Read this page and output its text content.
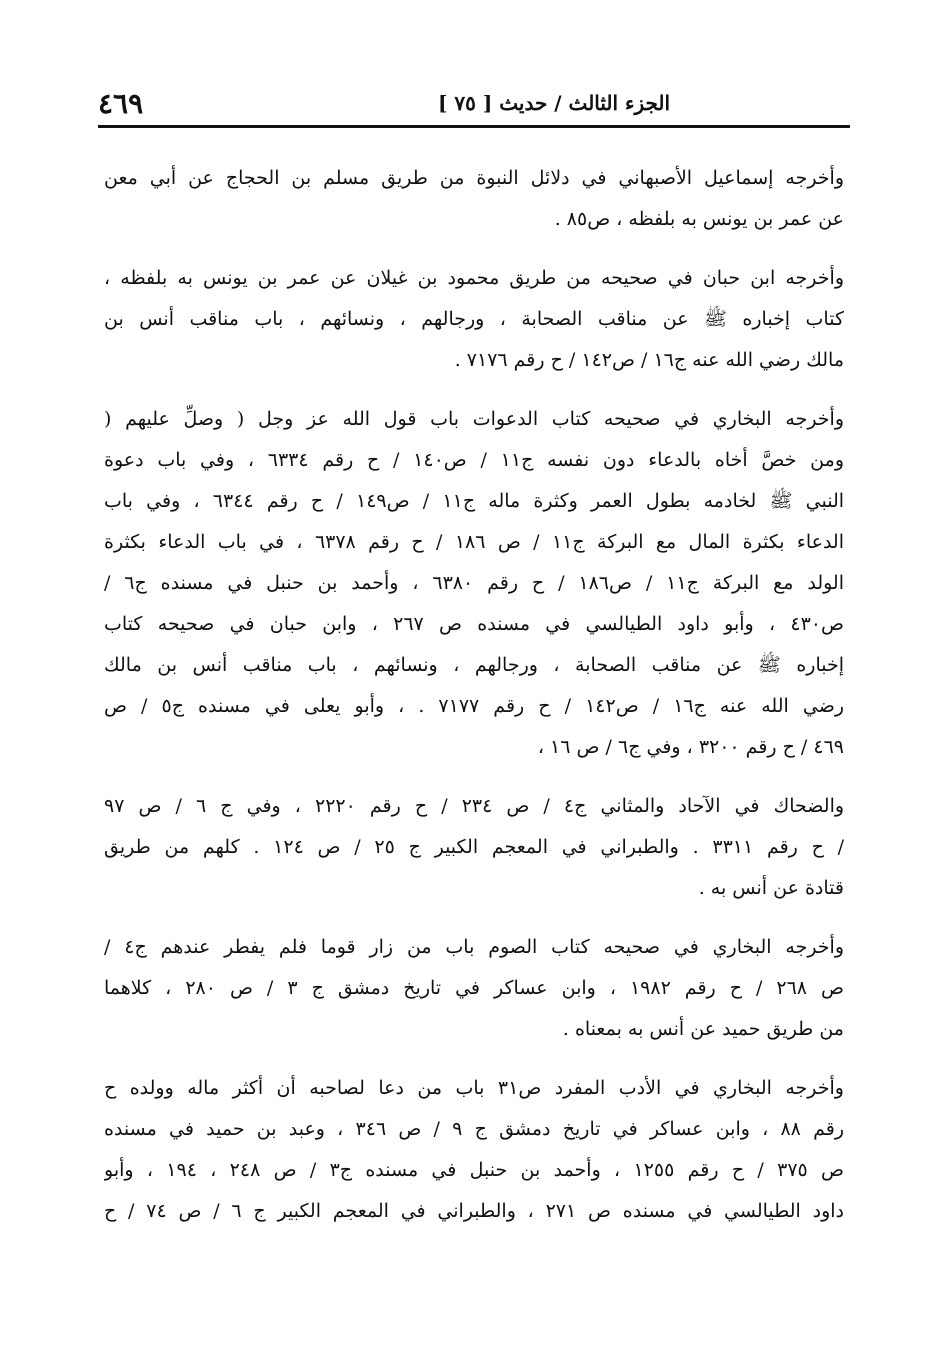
الجزء الثالث / حديث [ ٧٥ ]
٤٦٩
وأخرجه إسماعيل الأصبهاني في دلائل النبوة من طريق مسلم بن الحجاج عن أبي معن
عن عمر بن يونس به بلفظه ، ص٨٥ .
وأخرجه ابن حبان في صحيحه من طريق محمود بن غيلان عن عمر بن يونس به بلفظه ،
كتاب إخباره ﷺ عن مناقب الصحابة ، ورجالهم ، ونسائهم ، باب مناقب أنس بن
مالك رضي الله عنه ج١٦ / ص١٤٢ / ح رقم ٧١٧٦ .
وأخرجه البخاري في صحيحه كتاب الدعوات باب قول الله عز وجل ( وصلِّ عليهم (
ومن خصَّ أخاه بالدعاء دون نفسه ج١١ / ص١٤٠ / ح رقم ٦٣٣٤ ، وفي باب دعوة
النبي ﷺ لخادمه بطول العمر وكثرة ماله ج١١ / ص١٤٩ / ح رقم ٦٣٤٤ ، وفي باب
الدعاء بكثرة المال مع البركة ج١١ / ص ١٨٦ / ح رقم ٦٣٧٨ ، في باب الدعاء بكثرة
الولد مع البركة ج١١ / ص١٨٦ / ح رقم ٦٣٨٠ ، وأحمد بن حنبل في مسنده ج٦ /
ص٤٣٠ ، وأبو داود الطيالسي في مسنده ص ٢٦٧ ، وابن حبان في صحيحه كتاب
إخباره ﷺ عن مناقب الصحابة ، ورجالهم ، ونسائهم ، باب مناقب أنس بن مالك
رضي الله عنه ج١٦ / ص١٤٢ / ح رقم ٧١٧٧ . ، وأبو يعلى في مسنده ج٥ / ص
٤٦٩ / ح رقم ٣٢٠٠ ، وفي ج٦ / ص ١٦ ،
والضحاك في الآحاد والمثاني ج٤ / ص ٢٣٤ / ح رقم ٢٢٢٠ ، وفي ج ٦ / ص ٩٧
/ ح رقم ٣٣١١ . والطبراني في المعجم الكبير ج ٢٥ / ص ١٢٤ . كلهم من طريق
قتادة عن أنس به .
وأخرجه البخاري في صحيحه كتاب الصوم باب من زار قوما فلم يفطر عندهم ج٤ /
ص ٢٦٨ / ح رقم ١٩٨٢ ، وابن عساكر في تاريخ دمشق ج ٣ / ص ٢٨٠ ، كلاهما
من طريق حميد عن أنس به بمعناه .
وأخرجه البخاري في الأدب المفرد ص٣١ باب من دعا لصاحبه أن أكثر ماله وولده ح
رقم ٨٨ ، وابن عساكر في تاريخ دمشق ج ٩ / ص ٣٤٦ ، وعبد بن حميد في مسنده
ص ٣٧٥ / ح رقم ١٢٥٥ ، وأحمد بن حنبل في مسنده ج٣ / ص ٢٤٨ ، ١٩٤ ، وأبو
داود الطيالسي في مسنده ص ٢٧١ ، والطبراني في المعجم الكبير ج ٦ / ص ٧٤ / ح
